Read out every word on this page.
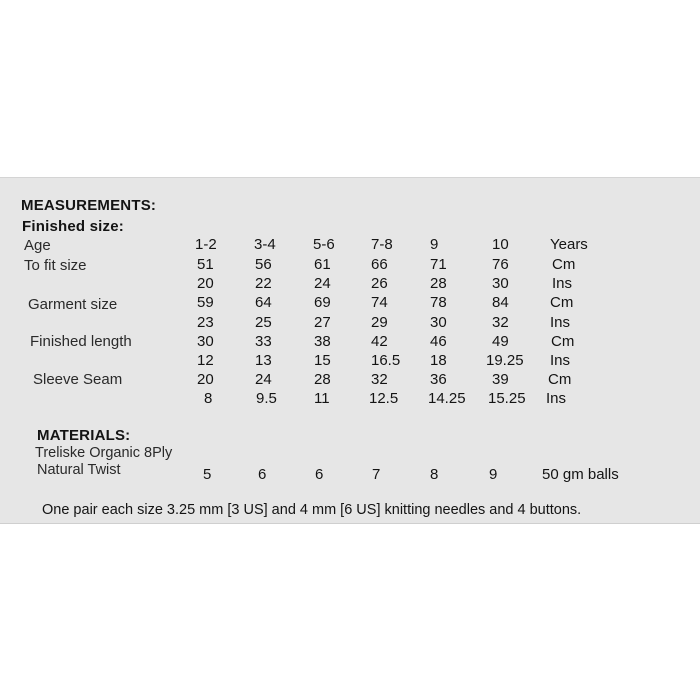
MEASUREMENTS:
Finished size:
Age	1-2 3-4 5-6 7-8 9	10	Years
To fit size	51	56	61	66	71	76	Cm
20	22	24	26	28	30	Ins
Garment size	59	64	69	74	78	84	Cm
23	25	27	29	30	32	Ins
Finished length	30	33	38	42	46	49	Cm
12	13	15	16.5 18	19.25 Ins
Sleeve Seam	20	24	28	32	36	39	Cm
8	9.5 11	12.5 14.25 15.25 Ins
MATERIALS:
Treliske Organic 8Ply
Natural Twist	5	6	6	7	8	9	50 gm balls
One pair each size 3.25 mm [3 US] and 4 mm [6 US] knitting needles and 4 buttons.
